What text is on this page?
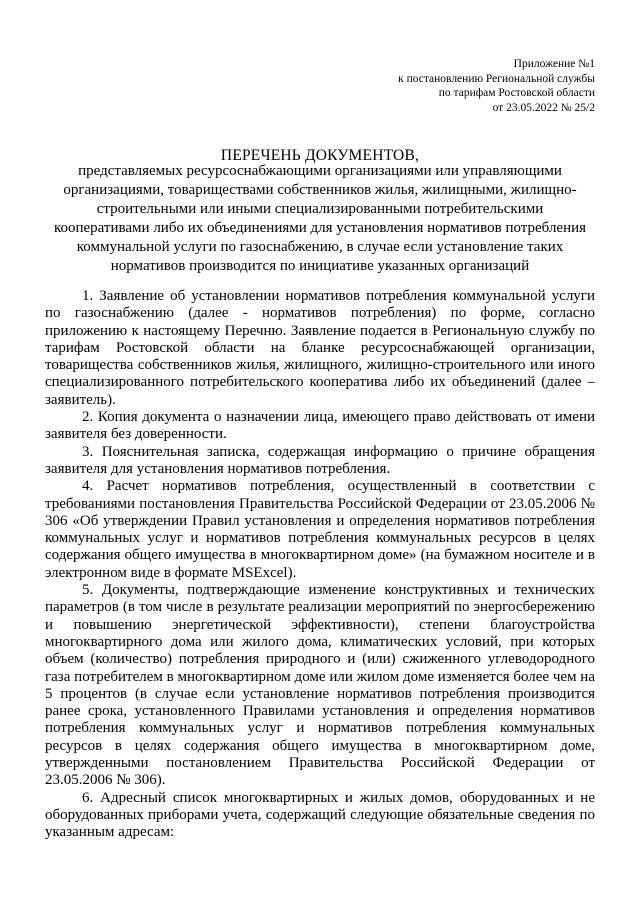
Приложение №1
к постановлению Региональной службы
по тарифам Ростовской области
от 23.05.2022 № 25/2
ПЕРЕЧЕНЬ ДОКУМЕНТОВ,
представляемых ресурсоснабжающими организациями или управляющими
организациями, товариществами собственников жилья, жилищными, жилищно-
строительными или иными специализированными потребительскими
кооперативами либо их объединениями для установления нормативов потребления
коммунальной услуги по газоснабжению, в случае если установление таких
нормативов производится по инициативе указанных организаций

1. Заявление об установлении нормативов потребления коммунальной услуги по газоснабжению (далее - нормативов потребления) по форме, согласно приложению к настоящему Перечню. Заявление подается в Региональную службу по тарифам Ростовской области на бланке ресурсоснабжающей организации, товарищества собственников жилья, жилищного, жилищно-строительного или иного специализированного потребительского кооператива либо их объединений (далее – заявитель).

2. Копия документа о назначении лица, имеющего право действовать от имени заявителя без доверенности.

3. Пояснительная записка, содержащая информацию о причине обращения заявителя для установления нормативов потребления.

4. Расчет нормативов потребления, осуществленный в соответствии с требованиями постановления Правительства Российской Федерации от 23.05.2006 № 306 «Об утверждении Правил установления и определения нормативов потребления коммунальных услуг и нормативов потребления коммунальных ресурсов в целях содержания общего имущества в многоквартирном доме» (на бумажном носителе и в электронном виде в формате MSExcel).

5. Документы, подтверждающие изменение конструктивных и технических параметров (в том числе в результате реализации мероприятий по энергосбережению и повышению энергетической эффективности), степени благоустройства многоквартирного дома или жилого дома, климатических условий, при которых объем (количество) потребления природного и (или) сжиженного углеводородного газа потребителем в многоквартирном доме или жилом доме изменяется более чем на 5 процентов (в случае если установление нормативов потребления производится ранее срока, установленного Правилами установления и определения нормативов потребления коммунальных услуг и нормативов потребления коммунальных ресурсов в целях содержания общего имущества в многоквартирном доме, утвержденными постановлением Правительства Российской Федерации от 23.05.2006 № 306).

6. Адресный список многоквартирных и жилых домов, оборудованных и не оборудованных приборами учета, содержащий следующие обязательные сведения по указанным адресам:
